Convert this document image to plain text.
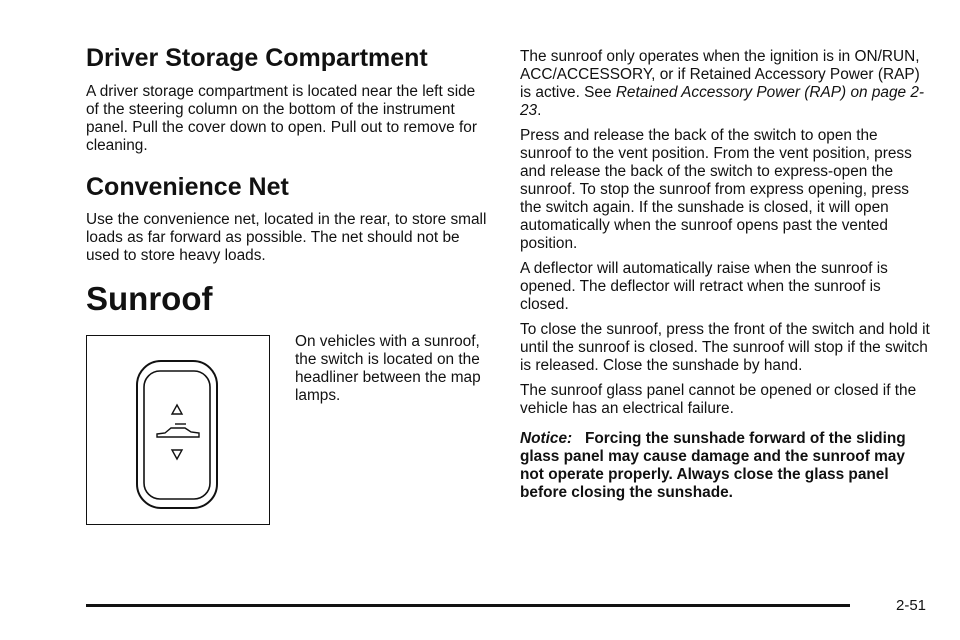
Driver Storage Compartment

A driver storage compartment is located near the left side of the steering column on the bottom of the instrument panel. Pull the cover down to open. Pull out to remove for cleaning.

Convenience Net

Use the convenience net, located in the rear, to store small loads as far forward as possible. The net should not be used to store heavy loads.

Sunroof

On vehicles with a sunroof, the switch is located on the headliner between the map lamps.

The sunroof only operates when the ignition is in ON/RUN, ACC/ACCESSORY, or if Retained Accessory Power (RAP) is active. See Retained Accessory Power (RAP) on page 2-23.

Press and release the back of the switch to open the sunroof to the vent position. From the vent position, press and release the back of the switch to express-open the sunroof. To stop the sunroof from express opening, press the switch again. If the sunshade is closed, it will open automatically when the sunroof opens past the vented position.

A deflector will automatically raise when the sunroof is opened. The deflector will retract when the sunroof is closed.

To close the sunroof, press the front of the switch and hold it until the sunroof is closed. The sunroof will stop if the switch is released. Close the sunshade by hand.

The sunroof glass panel cannot be opened or closed if the vehicle has an electrical failure.

Notice: Forcing the sunshade forward of the sliding glass panel may cause damage and the sunroof may not operate properly. Always close the glass panel before closing the sunshade.

2-51
